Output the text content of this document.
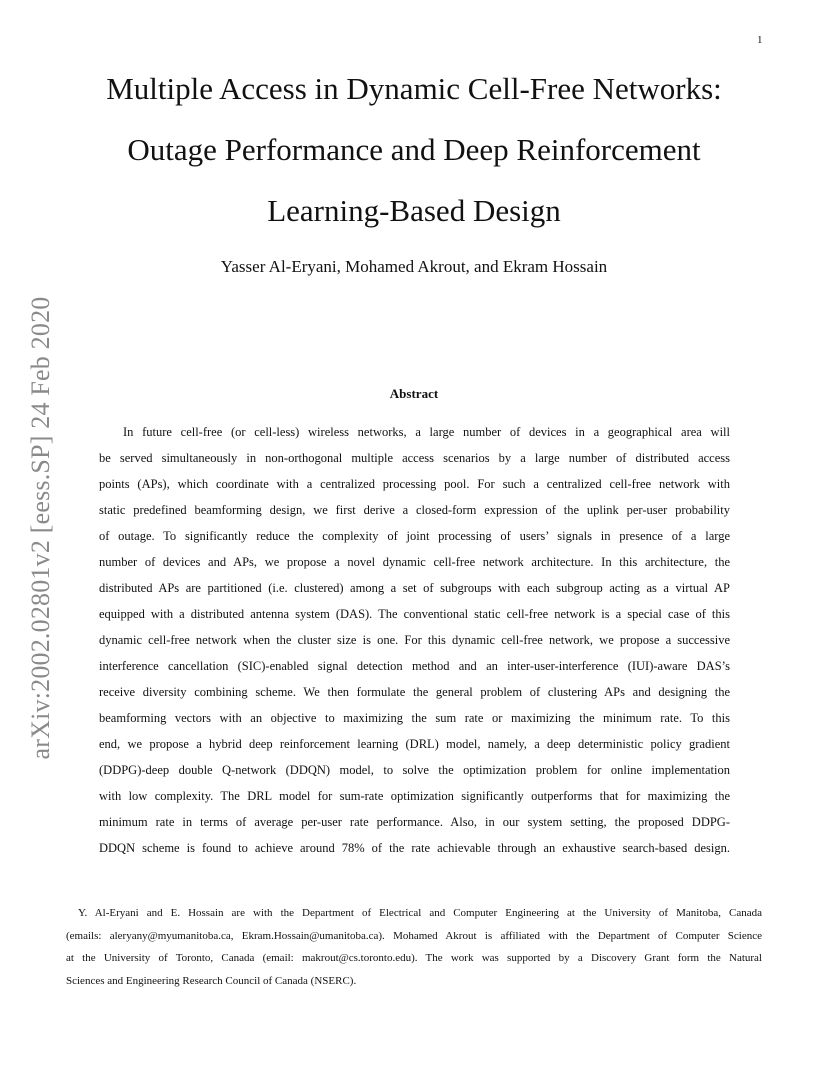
1
arXiv:2002.02801v2 [eess.SP] 24 Feb 2020
Multiple Access in Dynamic Cell-Free Networks:
Outage Performance and Deep Reinforcement
Learning-Based Design
Yasser Al-Eryani, Mohamed Akrout, and Ekram Hossain
Abstract
In future cell-free (or cell-less) wireless networks, a large number of devices in a geographical area will
be served simultaneously in non-orthogonal multiple access scenarios by a large number of distributed access
points (APs), which coordinate with a centralized processing pool. For such a centralized cell-free network with
static predefined beamforming design, we first derive a closed-form expression of the uplink per-user probability
of outage. To significantly reduce the complexity of joint processing of users’ signals in presence of a large
number of devices and APs, we propose a novel dynamic cell-free network architecture. In this architecture, the
distributed APs are partitioned (i.e. clustered) among a set of subgroups with each subgroup acting as a virtual AP
equipped with a distributed antenna system (DAS). The conventional static cell-free network is a special case of this
dynamic cell-free network when the cluster size is one. For this dynamic cell-free network, we propose a successive
interference cancellation (SIC)-enabled signal detection method and an inter-user-interference (IUI)-aware DAS’s
receive diversity combining scheme. We then formulate the general problem of clustering APs and designing the
beamforming vectors with an objective to maximizing the sum rate or maximizing the minimum rate. To this
end, we propose a hybrid deep reinforcement learning (DRL) model, namely, a deep deterministic policy gradient
(DDPG)-deep double Q-network (DDQN) model, to solve the optimization problem for online implementation
with low complexity. The DRL model for sum-rate optimization significantly outperforms that for maximizing the
minimum rate in terms of average per-user rate performance. Also, in our system setting, the proposed DDPG-
DDQN scheme is found to achieve around 78% of the rate achievable through an exhaustive search-based design.
Y. Al-Eryani and E. Hossain are with the Department of Electrical and Computer Engineering at the University of Manitoba, Canada
(emails: aleryany@myumanitoba.ca, Ekram.Hossain@umanitoba.ca). Mohamed Akrout is affiliated with the Department of Computer Science
at the University of Toronto, Canada (email: makrout@cs.toronto.edu). The work was supported by a Discovery Grant form the Natural
Sciences and Engineering Research Council of Canada (NSERC).
